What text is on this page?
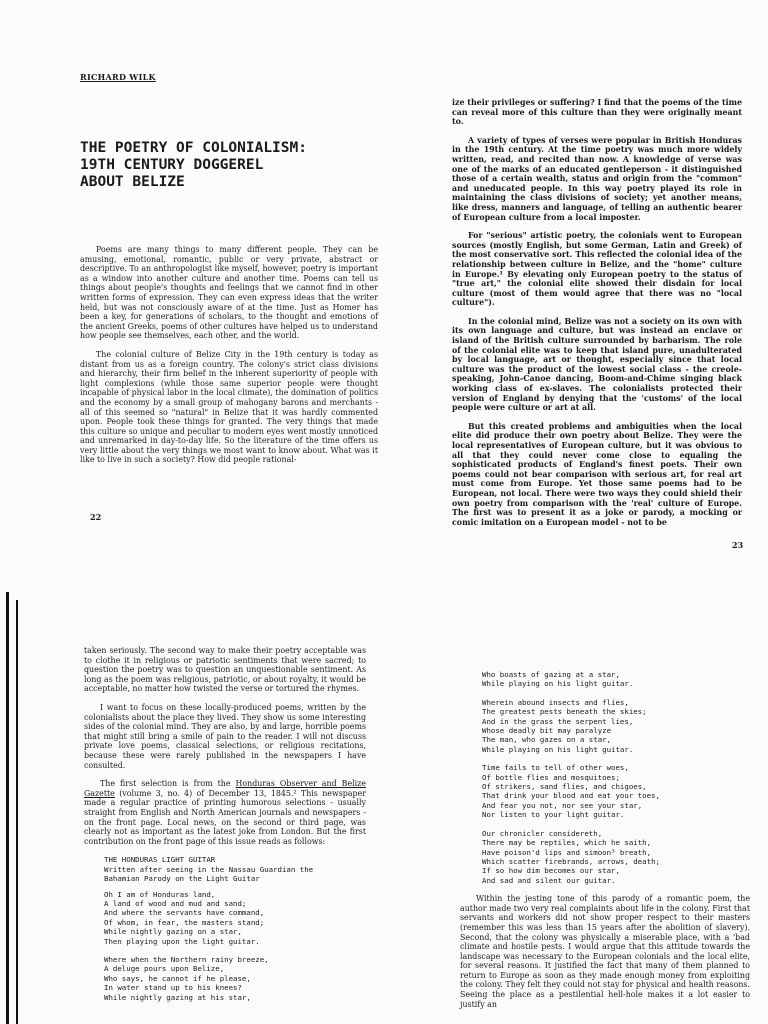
RICHARD WILK
THE POETRY OF COLONIALISM:
19TH CENTURY DOGGEREL
ABOUT BELIZE

Poems are many things to many different people. They can be amusing, emotional, romantic, public or very private, abstract or descriptive. To an anthropologist like myself, however, poetry is important as a window into another culture and another time. Poems can tell us things about people's thoughts and feelings that we cannot find in other written forms of expression. They can even express ideas that the writer held, but was not consciously aware of at the time. Just as Homer has been a key, for generations of scholars, to the thought and emotions of the ancient Greeks, poems of other cultures have helped us to understand how people see themselves, each other, and the world.

The colonial culture of Belize City in the 19th century is today as distant from us as a foreign country. The colony's strict class divisions and hierarchy, their firm belief in the inherent superiority of people with light complexions (while those same superior people were thought incapable of physical labor in the local climate), the domination of politics and the economy by a small group of mahogany barons and merchants - all of this seemed so "natural" in Belize that it was hardly commented upon. People took these things for granted. The very things that made this culture so unique and peculiar to modern eyes went mostly unnoticed and unremarked in day-to-day life. So the literature of the time offers us very little about the very things we most want to know about. What was it like to live in such a society? How did people rational-

22

ize their privileges or suffering? I find that the poems of the time can reveal more of this culture than they were originally meant to.

A variety of types of verses were popular in British Honduras in the 19th century. At the time poetry was much more widely written, read, and recited than now. A knowledge of verse was one of the marks of an educated gentleperson - it distinguished those of a certain wealth, status and origin from the "common" and uneducated people. In this way poetry played its role in maintaining the class divisions of society; yet another means, like dress, manners and language, of telling an authentic bearer of European culture from a local imposter.

For "serious" artistic poetry, the colonials went to European sources (mostly English, but some German, Latin and Greek) of the most conservative sort. This reflected the colonial idea of the relationship between culture in Belize, and the "home" culture in Europe.¹ By elevating only European poetry to the status of "true art," the colonial elite showed their disdain for local culture (most of them would agree that there was no "local culture").

In the colonial mind, Belize was not a society on its own with its own language and culture, but was instead an enclave or island of the British culture surrounded by barbarism. The role of the colonial elite was to keep that island pure, unadulterated by local language, art or thought, especially since that local culture was the product of the lowest social class - the creole-speaking, John-Canoe dancing, Boom-and-Chime singing black working class of ex-slaves. The colonialists protected their version of England by denying that the 'customs' of the local people were culture or art at all.

But this created problems and ambiguities when the local elite did produce their own poetry about Belize. They were the local representatives of European culture, but it was obvious to all that they could never come close to equaling the sophisticated products of England's finest poets. Their own poems could not bear comparison with serious art, for real art must come from Europe. Yet those same poems had to be European, not local. There were two ways they could shield their own poetry from comparison with the 'real' culture of Europe. The first was to present it as a joke or parody, a mocking or comic imitation on a European model - not to be

23

taken seriously. The second way to make their poetry acceptable was to clothe it in religious or patriotic sentiments that were sacred; to question the poetry was to question an unquestionable sentiment. As long as the poem was religious, patriotic, or about royalty, it would be acceptable, no matter how twisted the verse or tortured the rhymes.

I want to focus on these locally-produced poems, written by the colonialists about the place they lived. They show us some interesting sides of the colonial mind. They are also, by and large, horrible poems that might still bring a smile of pain to the reader. I will not discuss private love poems, classical selections, or religious recitations, because these were rarely published in the newspapers I have consulted.

The first selection is from the Honduras Observer and Belize Gazette (volume 3, no. 4) of December 13, 1845.² This newspaper made a regular practice of printing humorous selections - usually straight from English and North American journals and newspapers - on the front page. Local news, on the second or third page, was clearly not as important as the latest joke from London. But the first contribution on the front page of this issue reads as follows:

THE HONDURAS LIGHT GUITAR
Written after seeing in the Nassau Guardian the
Bahamian Parody on the Light Guitar
Oh I am of Honduras land,
A land of wood and mud and sand;
And where the servants have command,
Of whom, in fear, the masters stand;
While nightly gazing on a star,
Then playing upon the light guitar.
Where when the Northern rainy breeze,
A deluge pours upon Belize,
Who says, he cannot if he please,
In water stand up to his knees?
While nightly gazing at his star,
Who boasts of gazing at a star,
While playing on his light guitar.
Wherein abound insects and flies,
The greatest pests beneath the skies;
And in the grass the serpent lies,
Whose deadly bit may paralyze
The man, who gazes on a star,
While playing on his light guitar.
Time fails to tell of other woes,
Of bottle flies and mosquitoes;
Of strikers, sand flies, and chigoes,
That drink your blood and eat your toes,
And fear you not, nor see your star,
Nor listen to your light guitar.
Our chronicler considereth,
There may be reptiles, which he saith,
Have poison'd lips and simoon³ breath,
Which scatter firebrands, arrows, death;
If so how dim becomes our star,
And sad and silent our guitar.

Within the jesting tone of this parody of a romantic poem, the author made two very real complaints about life in the colony. First that servants and workers did not show proper respect to their masters (remember this was less than 15 years after the abolition of slavery). Second, that the colony was physically a miserable place, with a 'bad climate and hostile pests. I would argue that this attitude towards the landscape was necessary to the European colonials and the local elite, for several reasons. It justified the fact that many of them planned to return to Europe as soon as they made enough money from exploiting the colony. They felt they could not stay for physical and health reasons. Seeing the place as a pestilential hell-hole makes it a lot easier to justify an
